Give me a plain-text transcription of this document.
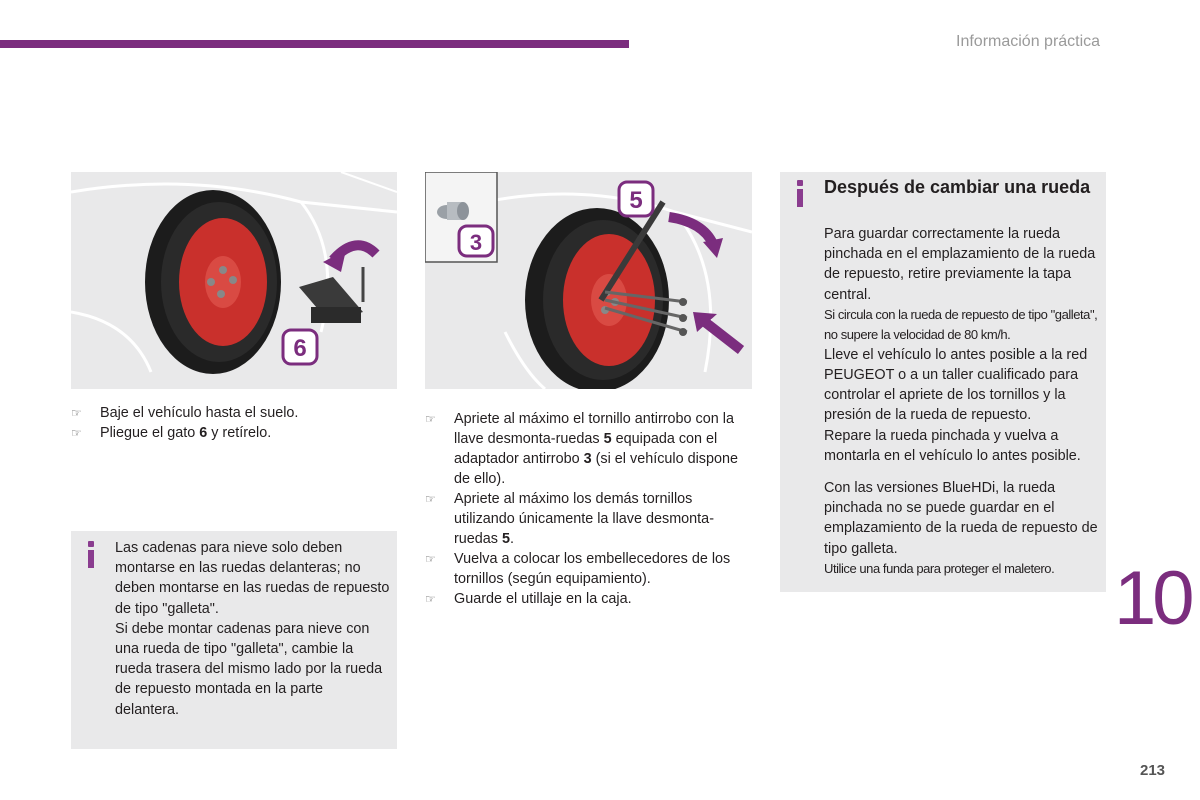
Información práctica
6
3
5
☞ Baje el vehículo hasta el suelo.
☞ Pliegue el gato 6 y retírelo.
Las cadenas para nieve solo deben montarse en las ruedas delanteras; no deben montarse en las ruedas de repuesto de tipo "galleta".
Si debe montar cadenas para nieve con una rueda de tipo "galleta", cambie la rueda trasera del mismo lado por la rueda de repuesto montada en la parte delantera.
☞ Apriete al máximo el tornillo antirrobo con la llave desmonta-ruedas 5 equipada con el adaptador antirrobo 3 (si el vehículo dispone de ello).
☞ Apriete al máximo los demás tornillos utilizando únicamente la llave desmonta-ruedas 5.
☞ Vuelva a colocar los embellecedores de los tornillos (según equipamiento).
☞ Guarde el utillaje en la caja.
Después de cambiar una rueda
Para guardar correctamente la rueda pinchada en el emplazamiento de la rueda de repuesto, retire previamente la tapa central.
Si circula con la rueda de repuesto de tipo "galleta", no supere la velocidad de 80 km/h.
Lleve el vehículo lo antes posible a la red PEUGEOT o a un taller cualificado para controlar el apriete de los tornillos y la presión de la rueda de repuesto.
Repare la rueda pinchada y vuelva a montarla en el vehículo lo antes posible.
Con las versiones BlueHDi, la rueda pinchada no se puede guardar en el emplazamiento de la rueda de repuesto de tipo galleta.
Utilice una funda para proteger el maletero. 10
213
